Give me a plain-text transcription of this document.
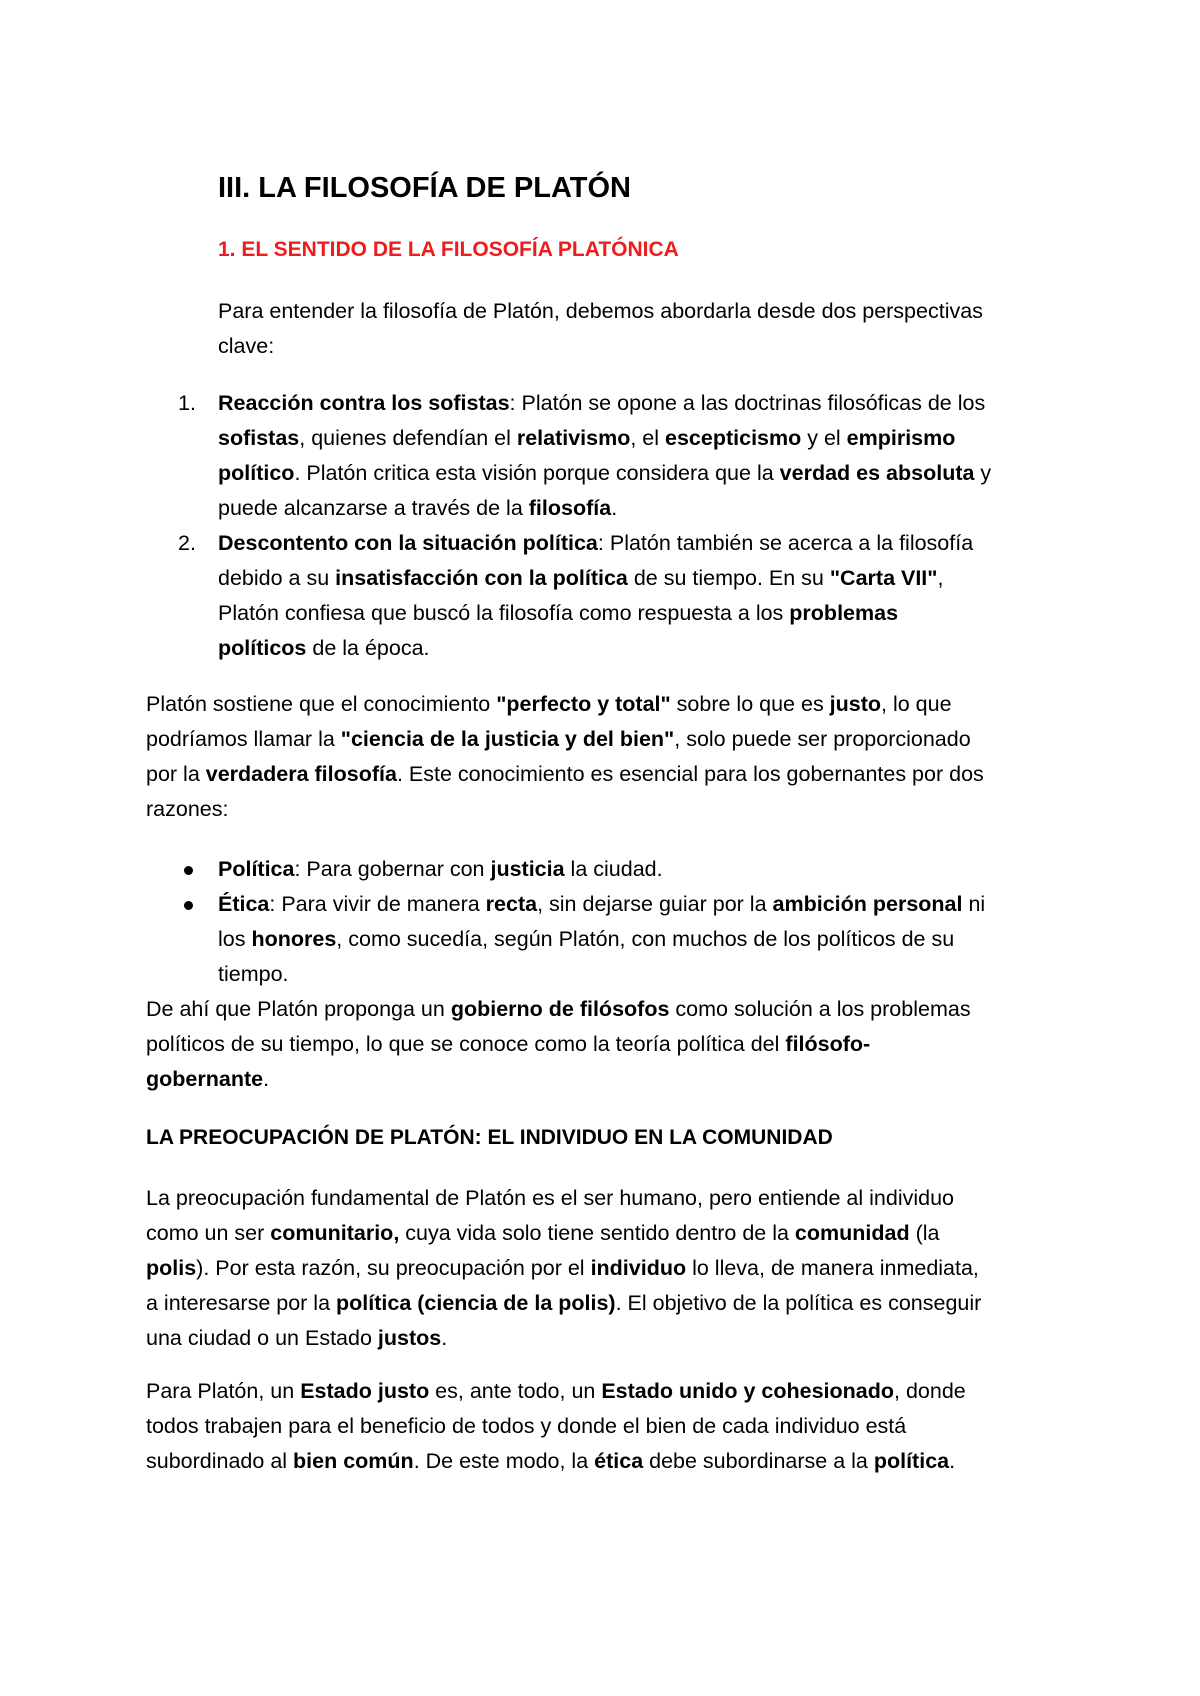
III. LA FILOSOFÍA DE PLATÓN
1. EL SENTIDO DE LA FILOSOFÍA PLATÓNICA
Para entender la filosofía de Platón, debemos abordarla desde dos perspectivas
clave:
1. Reacción contra los sofistas: Platón se opone a las doctrinas filosóficas de los
sofistas, quienes defendían el relativismo, el escepticismo y el empirismo
político. Platón critica esta visión porque considera que la verdad es absoluta y
puede alcanzarse a través de la filosofía.
2. Descontento con la situación política: Platón también se acerca a la filosofía
debido a su insatisfacción con la política de su tiempo. En su "Carta VII",
Platón confiesa que buscó la filosofía como respuesta a los problemas
políticos de la época.
Platón sostiene que el conocimiento "perfecto y total" sobre lo que es justo, lo que
podríamos llamar la "ciencia de la justicia y del bien", solo puede ser proporcionado
por la verdadera filosofía. Este conocimiento es esencial para los gobernantes por dos
razones:
Política: Para gobernar con justicia la ciudad.
Ética: Para vivir de manera recta, sin dejarse guiar por la ambición personal ni
los honores, como sucedía, según Platón, con muchos de los políticos de su
tiempo.
De ahí que Platón proponga un gobierno de filósofos como solución a los problemas
políticos de su tiempo, lo que se conoce como la teoría política del filósofo-
gobernante.
LA PREOCUPACIÓN DE PLATÓN: EL INDIVIDUO EN LA COMUNIDAD
La preocupación fundamental de Platón es el ser humano, pero entiende al individuo
como un ser comunitario, cuya vida solo tiene sentido dentro de la comunidad (la
polis). Por esta razón, su preocupación por el individuo lo lleva, de manera inmediata,
a interesarse por la política (ciencia de la polis). El objetivo de la política es conseguir
una ciudad o un Estado justos.
Para Platón, un Estado justo es, ante todo, un Estado unido y cohesionado, donde
todos trabajen para el beneficio de todos y donde el bien de cada individuo está
subordinado al bien común. De este modo, la ética debe subordinarse a la política.
